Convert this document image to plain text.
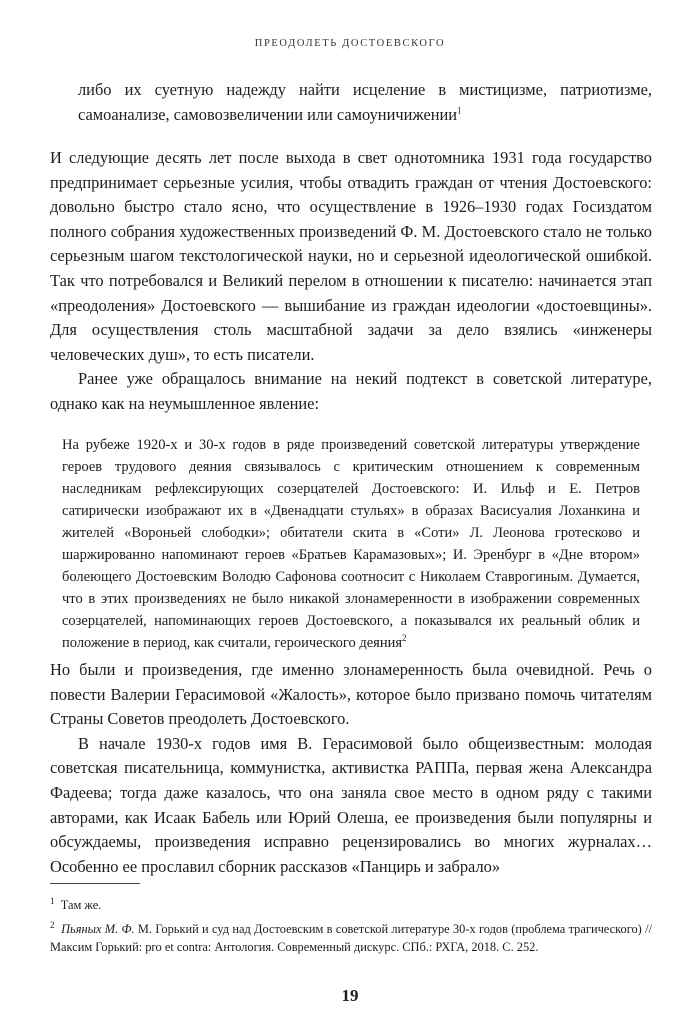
ПРЕОДОЛЕТЬ ДОСТОЕВСКОГО

либо их суетную надежду найти исцеление в мистицизме, патриотизме, самоанализе, самовозвеличении или самоуничижении$^1$

И следующие десять лет после выхода в свет однотомника 1931 года государство предпринимает серьезные усилия, чтобы отвадить граждан от чтения Достоевского: довольно быстро стало ясно, что осуществление в 1926–1930 годах Госиздатом полного собрания художественных произведений Ф. М. Достоевского стало не только серьезным шагом текстологической науки, но и серьезной идеологической ошибкой. Так что потребовался и Великий перелом в отношении к писателю: начинается этап «преодоления» Достоевского — вышибание из граждан идеологии «достоевщины». Для осуществления столь масштабной задачи за дело взялись «инженеры человеческих душ», то есть писатели.

Ранее уже обращалось внимание на некий подтекст в советской литературе, однако как на неумышленное явление:

На рубеже 1920-х и 30-х годов в ряде произведений советской литературы утверждение героев трудового деяния связывалось с критическим отношением к современным наследникам рефлексирующих созерцателей Достоевского: И. Ильф и Е. Петров сатирически изображают их в «Двенадцати стульях» в образах Васисуалия Лоханкина и жителей «Вороньей слободки»; обитатели скита в «Соти» Л. Леонова гротесково и шаржированно напоминают героев «Братьев Карамазовых»; И. Эренбург в «Дне втором» болеющего Достоевским Володю Сафонова соотносит с Николаем Ставрогиным. Думается, что в этих произведениях не было никакой злонамеренности в изображении современных созерцателей, напоминающих героев Достоевского, а показывался их реальный облик и положение в период, как считали, героического деяния$^2$

Но были и произведения, где именно злонамеренность была очевидной. Речь о повести Валерии Герасимовой «Жалость», которое было призвано помочь читателям Страны Советов преодолеть Достоевского.

В начале 1930-х годов имя В. Герасимовой было общеизвестным: молодая советская писательница, коммунистка, активистка РАППа, первая жена Александра Фадеева; тогда даже казалось, что она заняла свое место в одном ряду с такими авторами, как Исаак Бабель или Юрий Олеша, ее произведения были популярны и обсуждаемы, произведения исправно рецензировались во многих журналах… Особенно ее прославил сборник рассказов «Панцирь и забрало»

$^1$ Там же.

$^2$ Пьяных М. Ф. М. Горький и суд над Достоевским в советской литературе 30-х годов (проблема трагического) // Максим Горький: pro et contra: Антология. Современный дискурс. СПб.: РХГА, 2018. С. 252.

19
